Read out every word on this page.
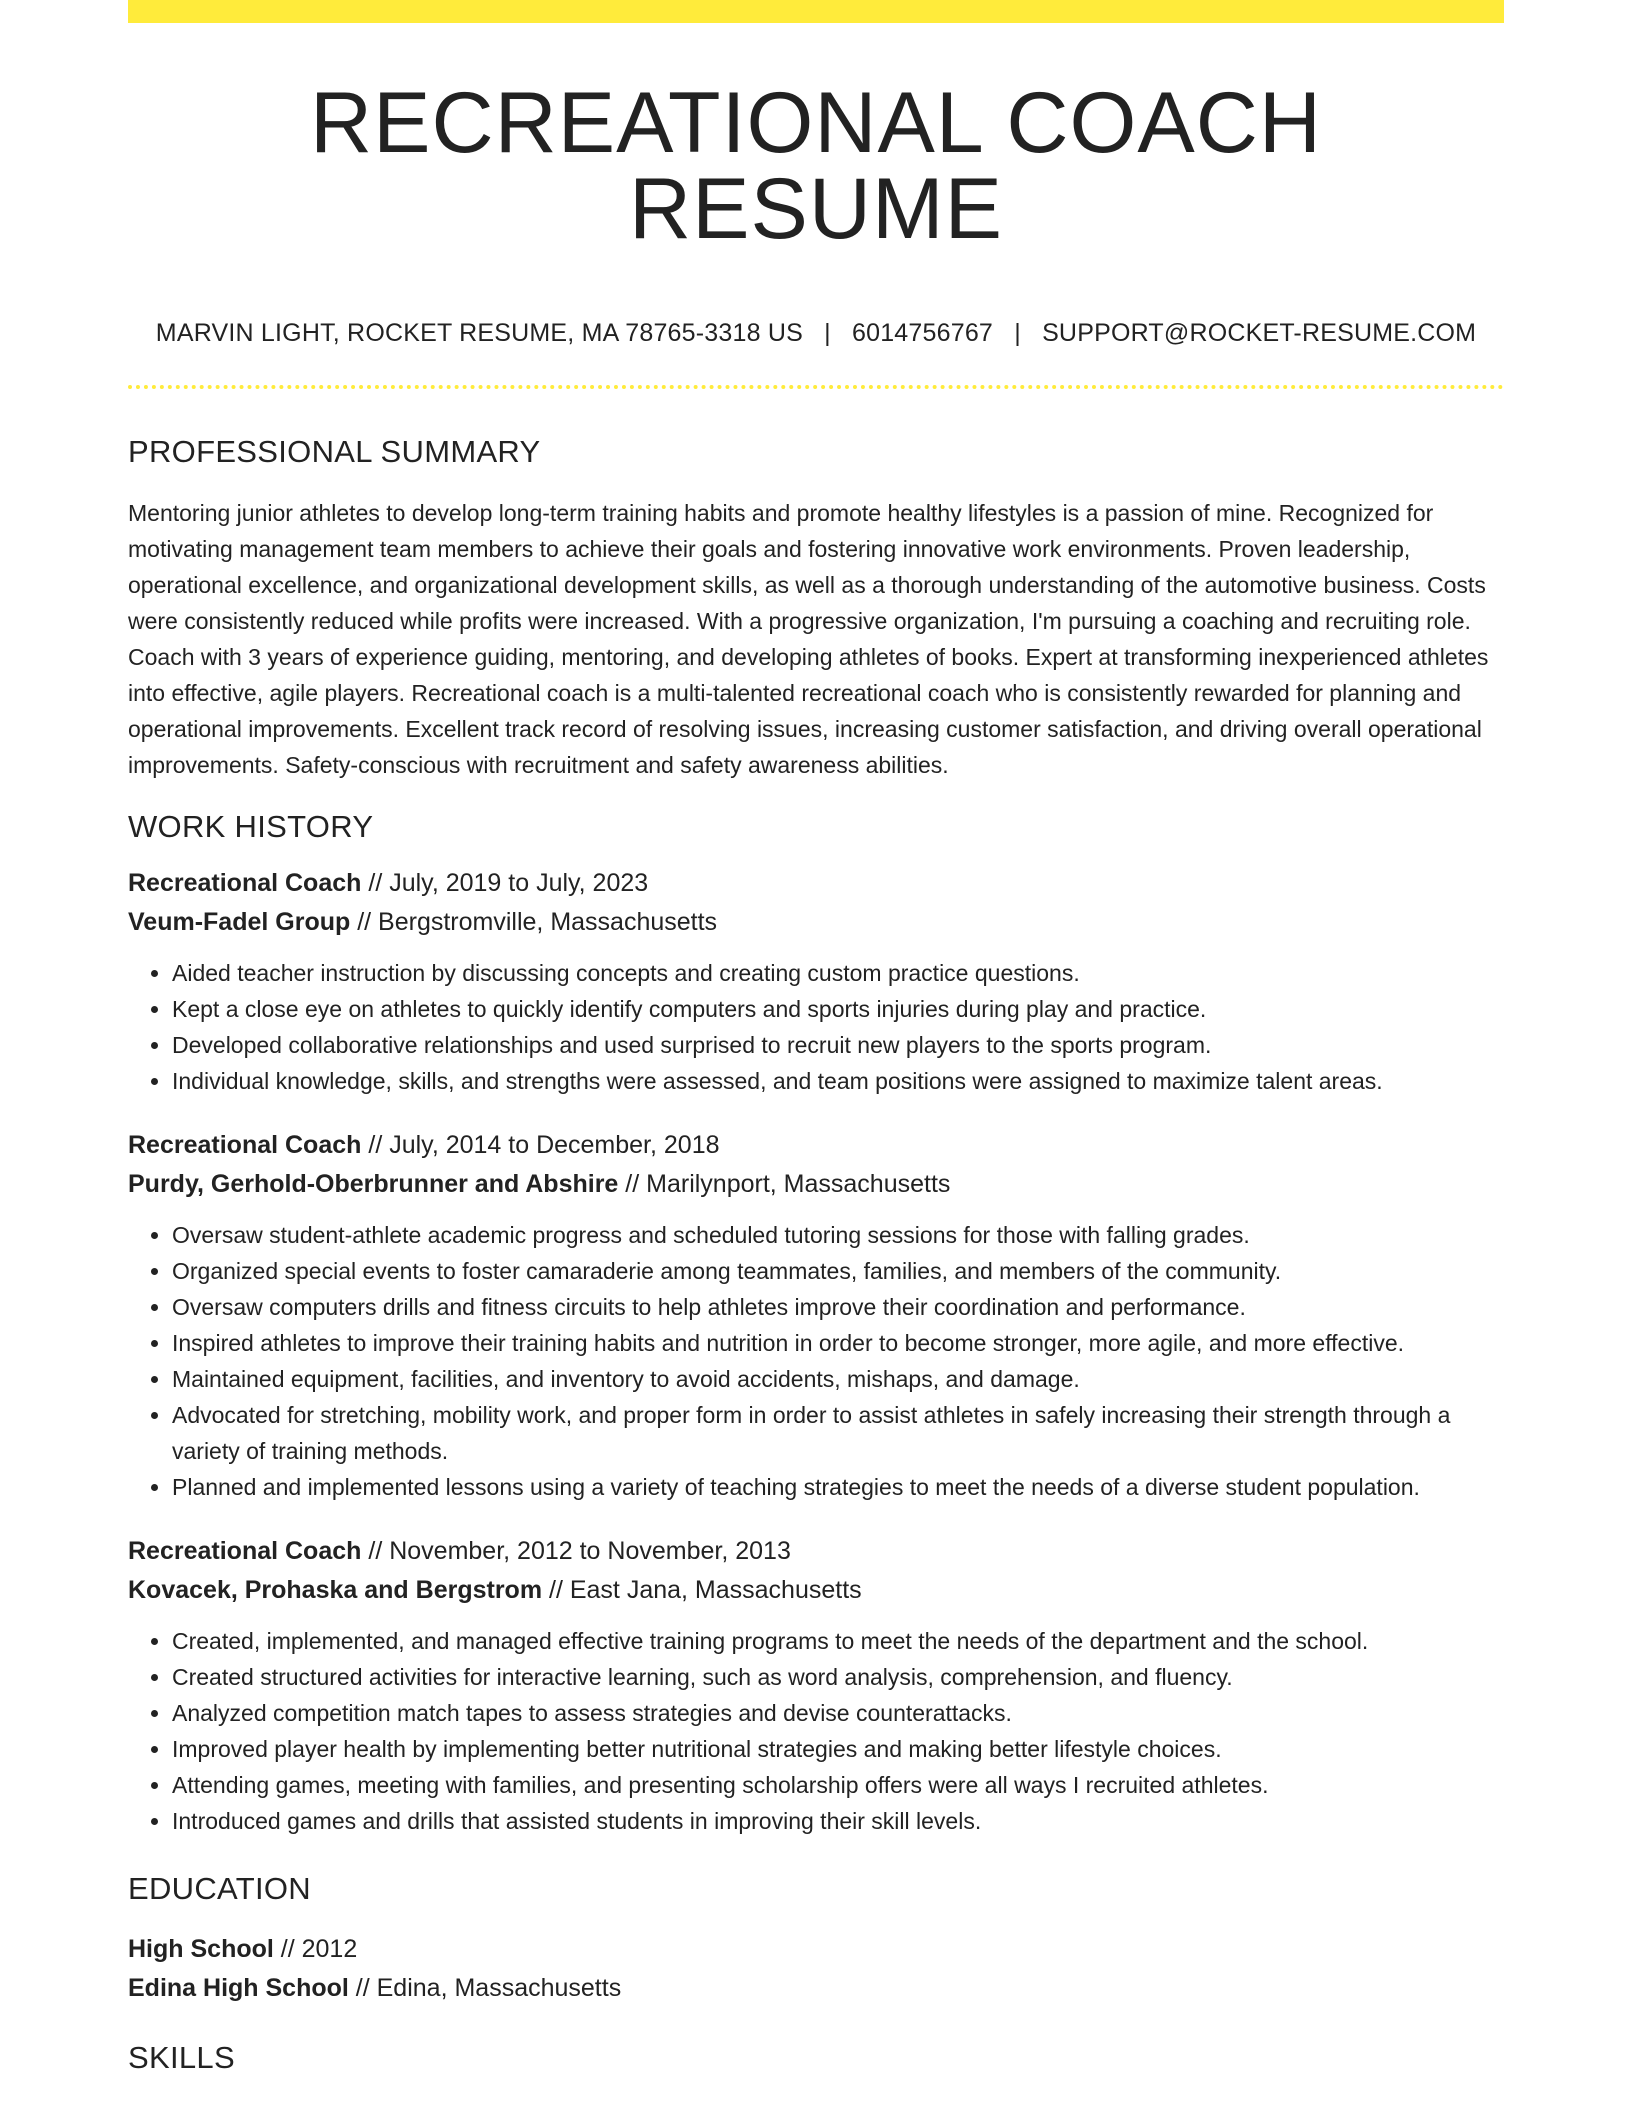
RECREATIONAL COACH RESUME
MARVIN LIGHT, ROCKET RESUME, MA 78765-3318 US | 6014756767 | SUPPORT@ROCKET-RESUME.COM
PROFESSIONAL SUMMARY

Mentoring junior athletes to develop long-term training habits and promote healthy lifestyles is a passion of mine. Recognized for motivating management team members to achieve their goals and fostering innovative work environments. Proven leadership, operational excellence, and organizational development skills, as well as a thorough understanding of the automotive business. Costs were consistently reduced while profits were increased. With a progressive organization, I'm pursuing a coaching and recruiting role. Coach with 3 years of experience guiding, mentoring, and developing athletes of books. Expert at transforming inexperienced athletes into effective, agile players. Recreational coach is a multi-talented recreational coach who is consistently rewarded for planning and operational improvements. Excellent track record of resolving issues, increasing customer satisfaction, and driving overall operational improvements. Safety-conscious with recruitment and safety awareness abilities.

WORK HISTORY
Recreational Coach // July, 2019 to July, 2023
Veum-Fadel Group // Bergstromville, Massachusetts
• Aided teacher instruction by discussing concepts and creating custom practice questions.
• Kept a close eye on athletes to quickly identify computers and sports injuries during play and practice.
• Developed collaborative relationships and used surprised to recruit new players to the sports program.
• Individual knowledge, skills, and strengths were assessed, and team positions were assigned to maximize talent areas.
Recreational Coach // July, 2014 to December, 2018
Purdy, Gerhold-Oberbrunner and Abshire // Marilynport, Massachusetts
• Oversaw student-athlete academic progress and scheduled tutoring sessions for those with falling grades.
• Organized special events to foster camaraderie among teammates, families, and members of the community.
• Oversaw computers drills and fitness circuits to help athletes improve their coordination and performance.
• Inspired athletes to improve their training habits and nutrition in order to become stronger, more agile, and more effective.
• Maintained equipment, facilities, and inventory to avoid accidents, mishaps, and damage.
• Advocated for stretching, mobility work, and proper form in order to assist athletes in safely increasing their strength through a variety of training methods.
• Planned and implemented lessons using a variety of teaching strategies to meet the needs of a diverse student population.
Recreational Coach // November, 2012 to November, 2013
Kovacek, Prohaska and Bergstrom // East Jana, Massachusetts
• Created, implemented, and managed effective training programs to meet the needs of the department and the school.
• Created structured activities for interactive learning, such as word analysis, comprehension, and fluency.
• Analyzed competition match tapes to assess strategies and devise counterattacks.
• Improved player health by implementing better nutritional strategies and making better lifestyle choices.
• Attending games, meeting with families, and presenting scholarship offers were all ways I recruited athletes.
• Introduced games and drills that assisted students in improving their skill levels.
EDUCATION
High School // 2012
Edina High School // Edina, Massachusetts
SKILLS
